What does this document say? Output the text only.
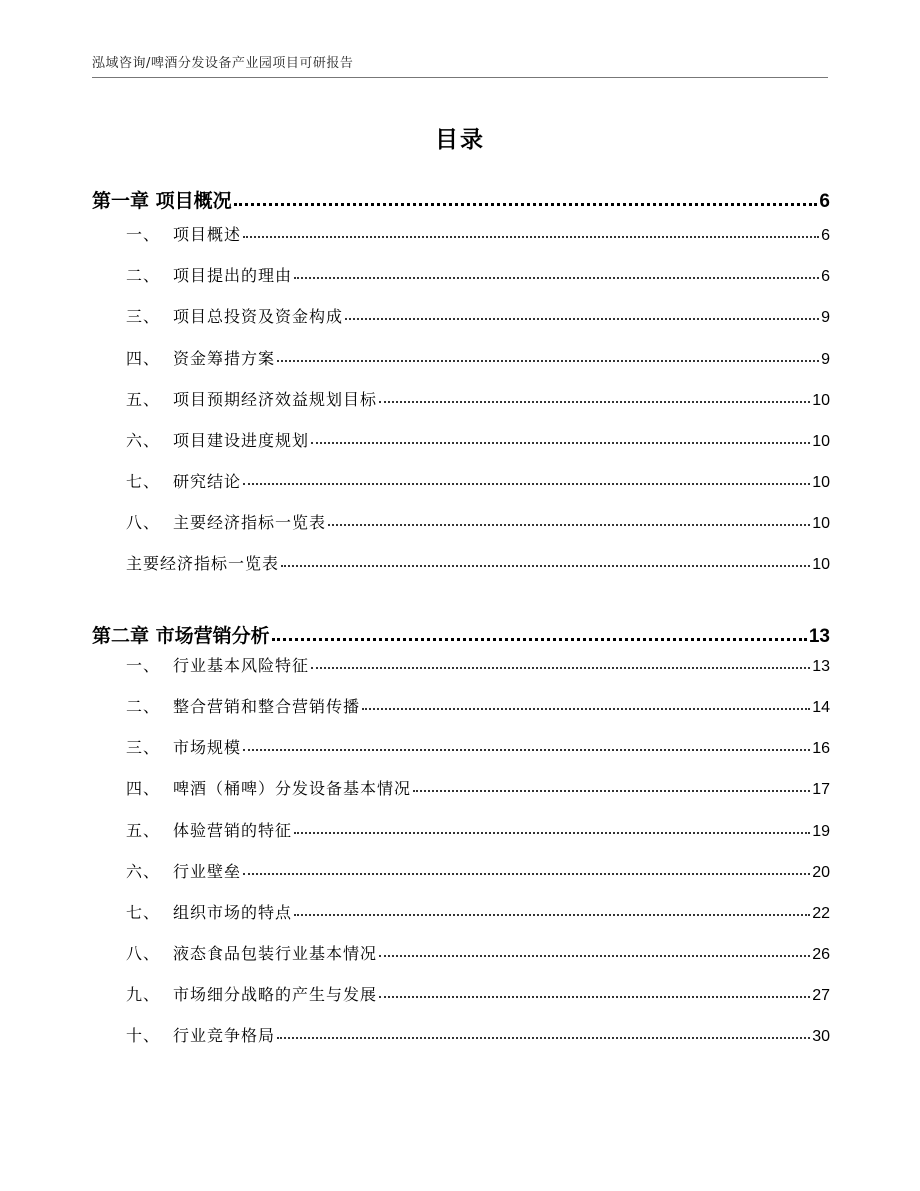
泓域咨询/啤酒分发设备产业园项目可研报告
目录
第一章 项目概况	6
一、 项目概述	6
二、 项目提出的理由	6
三、 项目总投资及资金构成	9
四、 资金筹措方案	9
五、 项目预期经济效益规划目标	10
六、 项目建设进度规划	10
七、 研究结论	10
八、 主要经济指标一览表	10
主要经济指标一览表	10
第二章 市场营销分析	13
一、 行业基本风险特征	13
二、 整合营销和整合营销传播	14
三、 市场规模	16
四、 啤酒（桶啤）分发设备基本情况	17
五、 体验营销的特征	19
六、 行业壁垒	20
七、 组织市场的特点	22
八、 液态食品包装行业基本情况	26
九、 市场细分战略的产生与发展	27
十、 行业竞争格局	30
